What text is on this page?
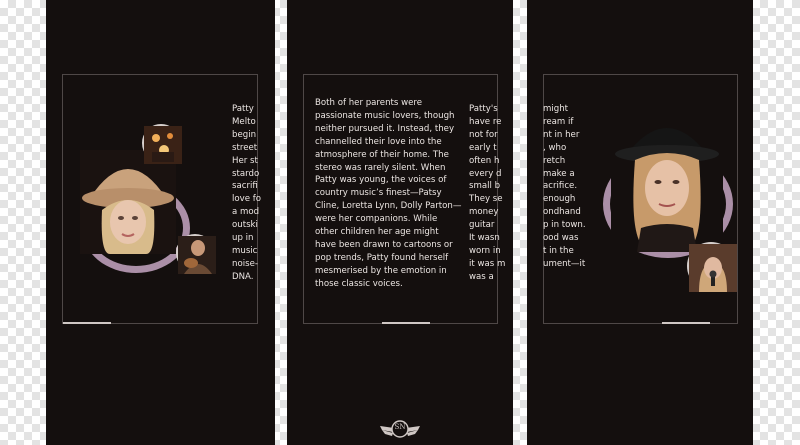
Patty
Melto
begin
street
Her st
stardo
sacrifi
love fo
a mod
outski
up in
music
noise-
DNA.
Both of her parents were
passionate music lovers, though
neither pursued it. Instead, they
channelled their love into the
atmosphere of their home. The
stereo was rarely silent. When
Patty was young, the voices of
country music’s finest—Patsy
Cline, Loretta Lynn, Dolly Parton—
were her companions. While
other children her age might
have been drawn to cartoons or
pop trends, Patty found herself
mesmerised by the emotion in
those classic voices.
Patty's
have re
not for
early t
often h
every d
small b
They se
money
guitar
It wasn
worn in
it was m
was a
SN
might
ream if
nt in her
, who
retch
make a
acrifice.
enough
ondhand
p in town.
ood was
t in the
ument—it
